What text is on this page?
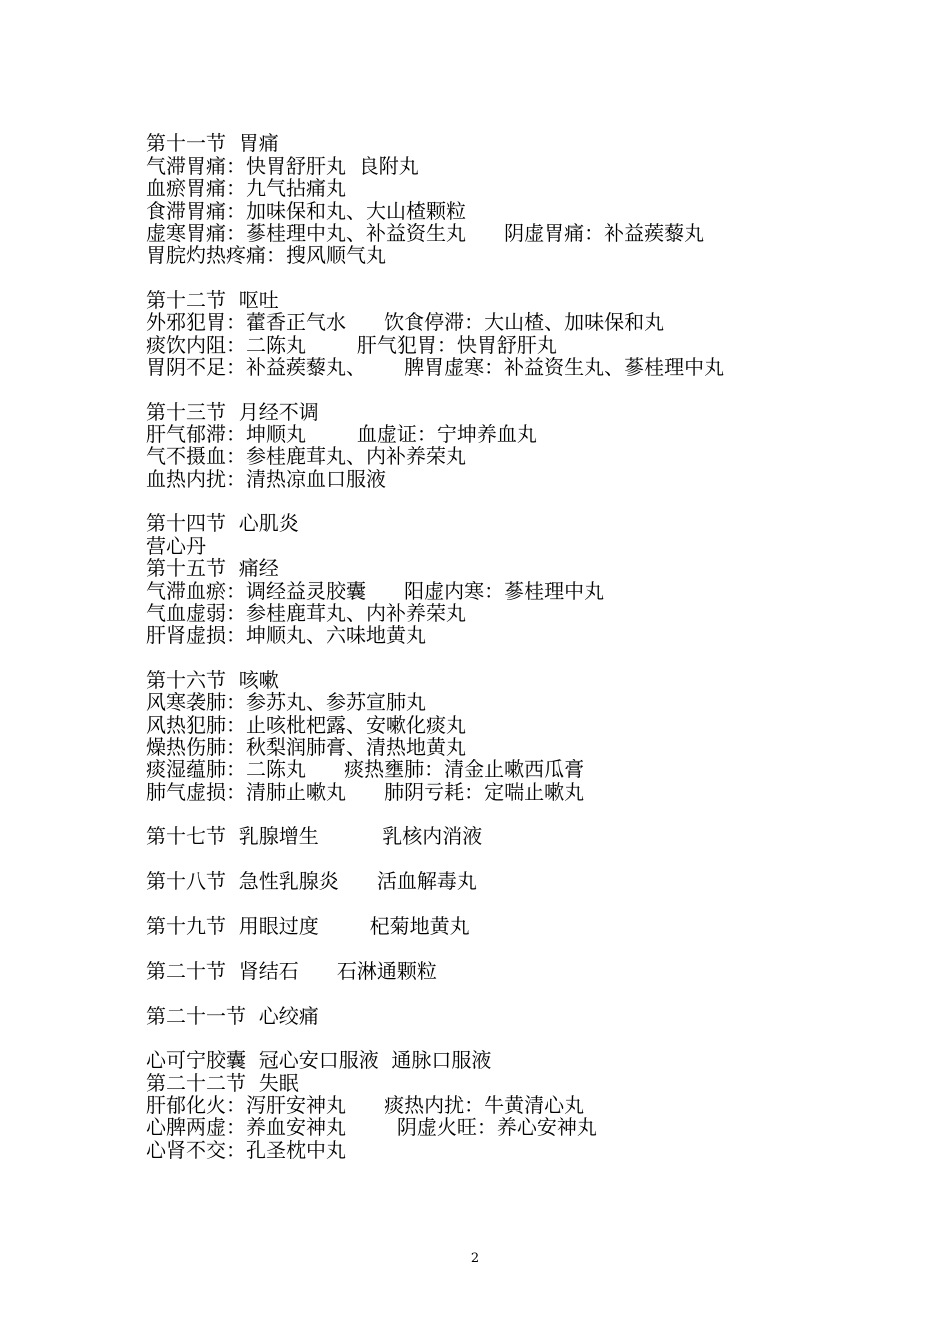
第十一节  胃痛
气滞胃痛：快胃舒肝丸  良附丸
血瘀胃痛：九气拈痛丸
食滞胃痛：加味保和丸、大山楂颗粒
虚寒胃痛：蔘桂理中丸、补益资生丸      阴虚胃痛：补益蒺藜丸
胃脘灼热疼痛：搜风顺气丸
第十二节  呕吐
外邪犯胃：藿香正气水      饮食停滞：大山楂、加味保和丸
痰饮内阻：二陈丸        肝气犯胃：快胃舒肝丸
胃阴不足：补益蒺藜丸、      脾胃虚寒：补益资生丸、蔘桂理中丸
第十三节  月经不调
肝气郁滞：坤顺丸        血虚证：宁坤养血丸
气不摄血：参桂鹿茸丸、内补养荣丸
血热内扰：清热凉血口服液
第十四节  心肌炎
营心丹
第十五节  痛经
气滞血瘀：调经益灵胶囊      阳虚内寒：蔘桂理中丸
气血虚弱：参桂鹿茸丸、内补养荣丸
肝肾虚损：坤顺丸、六味地黄丸
第十六节  咳嗽
风寒袭肺：参苏丸、参苏宣肺丸
风热犯肺：止咳枇杷露、安嗽化痰丸
燥热伤肺：秋梨润肺膏、清热地黄丸
痰湿蕴肺：二陈丸      痰热壅肺：清金止嗽西瓜膏
肺气虚损：清肺止嗽丸      肺阴亏耗：定喘止嗽丸
第十七节  乳腺增生          乳核内消液
第十八节  急性乳腺炎      活血解毒丸
第十九节  用眼过度        杞菊地黄丸
第二十节  肾结石      石淋通颗粒
第二十一节  心绞痛
心可宁胶囊  冠心安口服液  通脉口服液
第二十二节  失眠
肝郁化火：泻肝安神丸      痰热内扰：牛黄清心丸
心脾两虚：养血安神丸        阴虚火旺：养心安神丸
心肾不交：孔圣枕中丸
2
